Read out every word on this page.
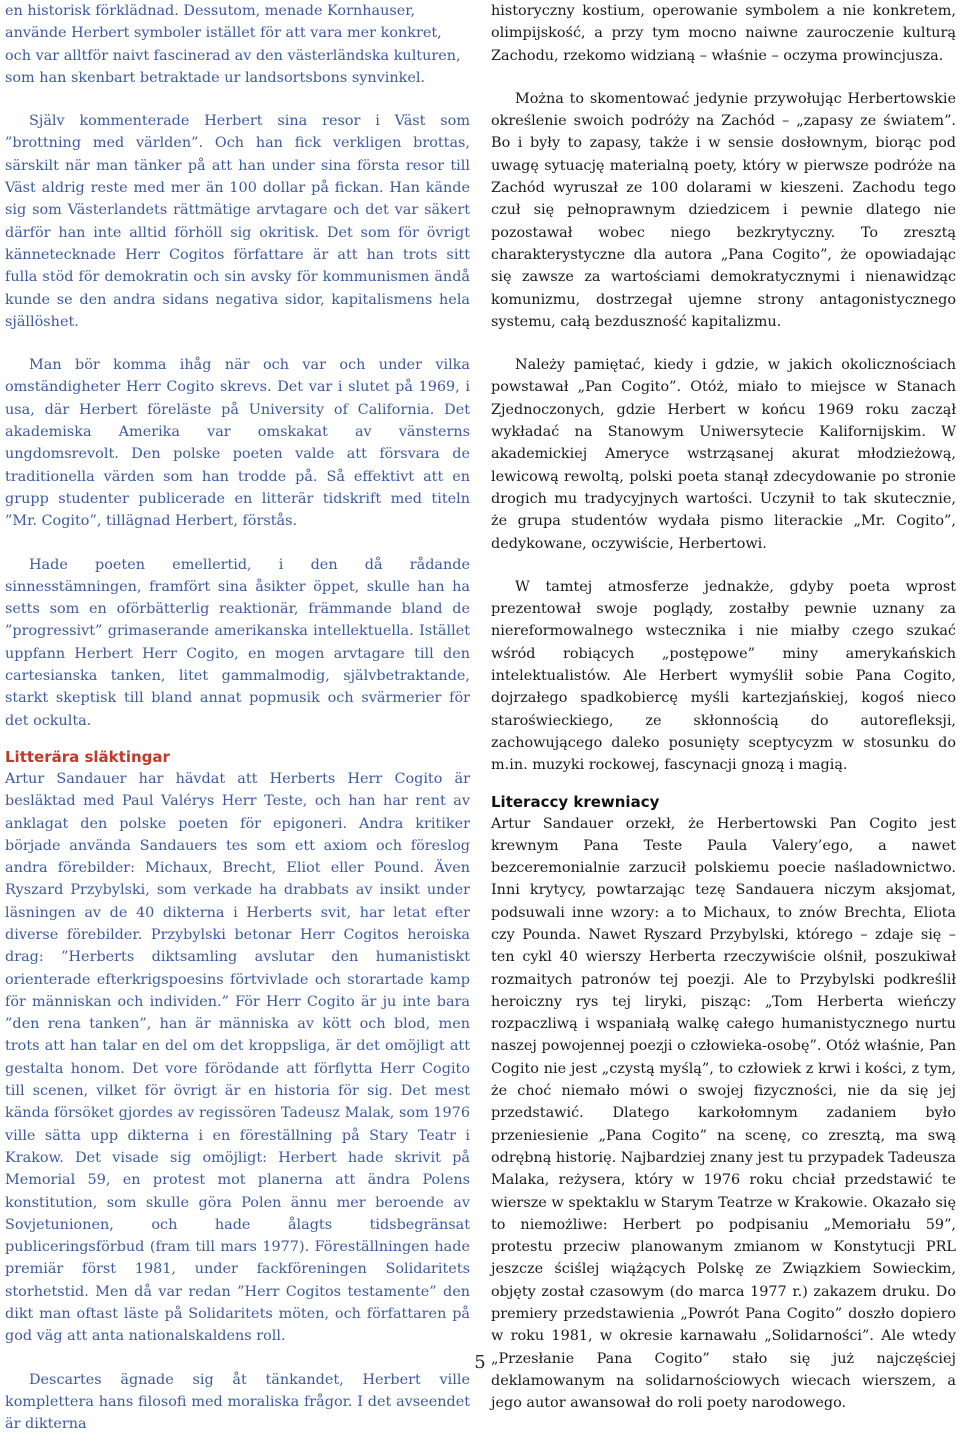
en historisk förklädnad. Dessutom, menade Kornhauser, använde Herbert symboler istället för att vara mer konkret, och var alltför naivt fascinerad av den västerländska kulturen, som han skenbart betraktade ur landsortsbons synvinkel.

Själv kommenterade Herbert sina resor i Väst som ”brottning med världen”. Och han fick verkligen brottas, särskilt när man tänker på att han under sina första resor till Väst aldrig reste med mer än 100 dollar på fickan. Han kände sig som Västerlandets rättmätige arvtagare och det var säkert därför han inte alltid förhöll sig okritisk. Det som för övrigt kännetecknade Herr Cogitos författare är att han trots sitt fulla stöd för demokratin och sin avsky för kommunismen ändå kunde se den andra sidans negativa sidor, kapitalismens hela själlöshet.

Man bör komma ihåg när och var och under vilka omständigheter Herr Cogito skrevs. Det var i slutet på 1969, i usa, där Herbert föreläste på University of California. Det akademiska Amerika var omskakat av vänsterns ungdomsrevolt. Den polske poeten valde att försvara de traditionella värden som han trodde på. Så effektivt att en grupp studenter publicerade en litterär tidskrift med titeln ”Mr. Cogito”, tillägnad Herbert, förstås.

Hade poeten emellertid, i den då rådande sinnesstämningen, framfört sina åsikter öppet, skulle han ha setts som en oförbätterlig reaktionär, främmande bland de ”progressivt” grimaserande amerikanska intellektuella. Istället uppfann Herbert Herr Cogito, en mogen arvtagare till den cartesianska tanken, litet gammalmodig, självbetraktande, starkt skeptisk till bland annat popmusik och svärmerier för det ockulta.

Litterära släktingar

Artur Sandauer har hävdat att Herberts Herr Cogito är besläktad med Paul Valérys Herr Teste, och han har rent av anklagat den polske poeten för epigoneri. Andra kritiker började använda Sandauers tes som ett axiom och föreslog andra förebilder: Michaux, Brecht, Eliot eller Pound. Även Ryszard Przybylski, som verkade ha drabbats av insikt under läsningen av de 40 dikterna i Herberts svit, har letat efter diverse förebilder. Przybylski betonar Herr Cogitos heroiska drag: ”Herberts diktsamling avslutar den humanistiskt orienterade efterkrigspoesins förtvivlade och storartade kamp för människan och individen.” För Herr Cogito är ju inte bara ”den rena tanken”, han är människa av kött och blod, men trots att han talar en del om det kroppsliga, är det omöjligt att gestalta honom. Det vore förödande att förflytta Herr Cogito till scenen, vilket för övrigt är en historia för sig. Det mest kända försöket gjordes av regissören Tadeusz Malak, som 1976 ville sätta upp dikterna i en föreställning på Stary Teatr i Krakow. Det visade sig omöjligt: Herbert hade skrivit på Memorial 59, en protest mot planerna att ändra Polens konstitution, som skulle göra Polen ännu mer beroende av Sovjetunionen, och hade ålagts tidsbegränsat publiceringsförbud (fram till mars 1977). Föreställningen hade premiär först 1981, under fackföreningen Solidaritets storhetstid. Men då var redan ”Herr Cogitos testamente” den dikt man oftast läste på Solidaritets möten, och författaren på god väg att anta nationalskaldens roll.

Descartes ägnade sig åt tänkandet, Herbert ville komplettera hans filosofi med moraliska frågor. I det avseendet är dikterna

historyczny kostium, operowanie symbolem a nie konkretem, olimpijskość, a przy tym mocno naiwne zauroczenie kulturą Zachodu, rzekomo widzianą – właśnie – oczyma prowincjusza.

Można to skomentować jedynie przywołując Herbertowskie określenie swoich podróży na Zachód – „zapasy ze światem”. Bo i były to zapasy, także i w sensie dosłownym, biorąc pod uwagę sytuację materialną poety, który w pierwsze podróże na Zachód wyruszał ze 100 dolarami w kieszeni. Zachodu tego czuł się pełnoprawnym dziedzicem i pewnie dlatego nie pozostawał wobec niego bezkrytyczny. To zresztą charakterystyczne dla autora „Pana Cogito”, że opowiadając się zawsze za wartościami demokratycznymi i nienawidząc komunizmu, dostrzegał ujemne strony antagonistycznego systemu, całą bezduszność kapitalizmu.

Należy pamiętać, kiedy i gdzie, w jakich okolicznościach powstawał „Pan Cogito”. Otóż, miało to miejsce w Stanach Zjednoczonych, gdzie Herbert w końcu 1969 roku zaczął wykładać na Stanowym Uniwersytecie Kalifornijskim. W akademickiej Ameryce wstrząsanej akurat młodzieżową, lewicową rewoltą, polski poeta stanął zdecydowanie po stronie drogich mu tradycyjnych wartości. Uczynił to tak skutecznie, że grupa studentów wydała pismo literackie „Mr. Cogito”, dedykowane, oczywiście, Herbertowi.

W tamtej atmosferze jednakże, gdyby poeta wprost prezentował swoje poglądy, zostałby pewnie uznany za niereformowalnego wstecznika i nie miałby czego szukać wśród robiących „postępowe” miny amerykańskich intelektualistów. Ale Herbert wymyślił sobie Pana Cogito, dojrzałego spadkobiercę myśli kartezjańskiej, kogoś nieco staroświeckiego, ze skłonnością do autorefleksji, zachowującego daleko posunięty sceptycyzm w stosunku do m.in. muzyki rockowej, fascynacji gnozą i magią.

Literaccy krewniacy

Artur Sandauer orzekł, że Herbertowski Pan Cogito jest krewnym Pana Teste Paula Valery’ego, a nawet bezceremonialnie zarzucił polskiemu poecie naśladownictwo. Inni krytycy, powtarzając tezę Sandauera niczym aksjomat, podsuwali inne wzory: a to Michaux, to znów Brechta, Eliota czy Pounda. Nawet Ryszard Przybylski, którego – zdaje się – ten cykl 40 wierszy Herberta rzeczywiście olśnił, poszukiwał rozmaitych patronów tej poezji. Ale to Przybylski podkreślił heroiczny rys tej liryki, pisząc: „Tom Herberta wieńczy rozpaczliwą i wspaniałą walkę całego humanistycznego nurtu naszej powojennej poezji o człowieka-osobę”. Otóż właśnie, Pan Cogito nie jest „czystą myślą”, to człowiek z krwi i kości, z tym, że choć niemało mówi o swojej fizyczności, nie da się jej przedstawić. Dlatego karkołomnym zadaniem było przeniesienie „Pana Cogito” na scenę, co zresztą, ma swą odrębną historię. Najbardziej znany jest tu przypadek Tadeusza Malaka, reżysera, który w 1976 roku chciał przedstawić te wiersze w spektaklu w Starym Teatrze w Krakowie. Okazało się to niemożliwe: Herbert po podpisaniu „Memoriału 59”, protestu przeciw planowanym zmianom w Konstytucji PRL jeszcze ściślej wiążących Polskę ze Związkiem Sowieckim, objęty został czasowym (do marca 1977 r.) zakazem druku. Do premiery przedstawienia „Powrót Pana Cogito” doszło dopiero w roku 1981, w okresie karnawału „Solidarności”. Ale wtedy „Przesłanie Pana Cogito” stało się już najczęściej deklamowanym na solidarnościowych wiecach wierszem, a jego autor awansował do roli poety narodowego.

5
